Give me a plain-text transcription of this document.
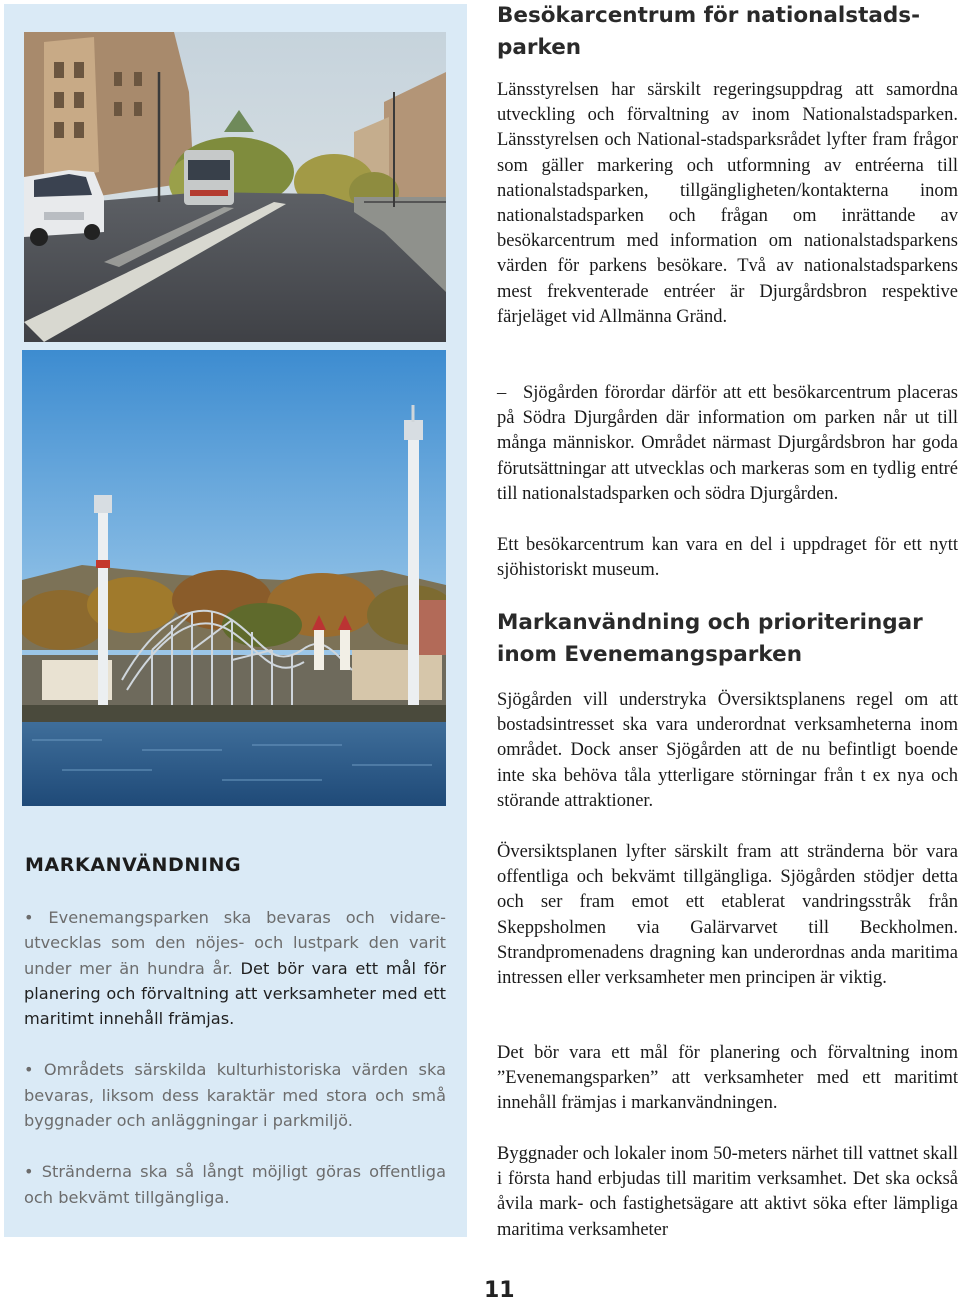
MARKANVÄNDNING

• Evenemangsparken ska bevaras och vidareutvecklas som den nöjes- och lustpark den varit under mer än hundra år. Det bör vara ett mål för planering och förvaltning att verksamheter med ett maritimt innehåll främjas.

• Områdets särskilda kulturhistoriska värden ska bevaras, liksom dess karaktär med stora och små byggnader och anläggningar i parkmiljö.

• Stränderna ska så långt möjligt göras offentliga och bekvämt tillgängliga.

Besökarcentrum för nationalstadsparken

Länsstyrelsen har särskilt regeringsuppdrag att samordna utveckling och förvaltning av inom Nationalstadsparken. Länsstyrelsen och National-stadsparksrådet lyfter fram frågor som gäller markering och utformning av entréerna till nationalstadsparken, tillgängligheten/kontakterna inom nationalstadsparken och frågan om inrättande av besökarcentrum med information om nationalstadsparkens värden för parkens besökare. Två av nationalstadsparkens mest frekventerade entréer är Djurgårdsbron respektive färjeläget vid Allmänna Gränd.

– Sjögården förordar därför att ett besökarcentrum placeras på Södra Djurgården där information om parken når ut till många människor. Området närmast Djurgårdsbron har goda förutsättningar att utvecklas och markeras som en tydlig entré till nationalstadsparken och södra Djurgården.

Ett besökarcentrum kan vara en del i uppdraget för ett nytt sjöhistoriskt museum.

Markanvändning och prioriteringar inom Evenemangsparken

Sjögården vill understryka Översiktsplanens regel om att bostadsintresset ska vara underordnat verksamheterna inom området. Dock anser Sjögården att de nu befintligt boende inte ska behöva tåla ytterligare störningar från t ex nya och störande attraktioner.

Översiktsplanen lyfter särskilt fram att stränderna bör vara offentliga och bekvämt tillgängliga. Sjögården stödjer detta och ser fram emot ett etablerat vandringsstråk från Skeppsholmen via Galärvarvet till Beckholmen. Strandpromenadens dragning kan underordnas anda maritima intressen eller verksamheter men principen är viktig.

Det bör vara ett mål för planering och förvaltning inom ”Evenemangsparken” att verksamheter med ett maritimt innehåll främjas i markanvändningen.

Byggnader och lokaler inom 50-meters närhet till vattnet skall i första hand erbjudas till maritim verksamhet. Det ska också åvila mark- och fastighetsägare att aktivt söka efter lämpliga maritima verksamheter

11
